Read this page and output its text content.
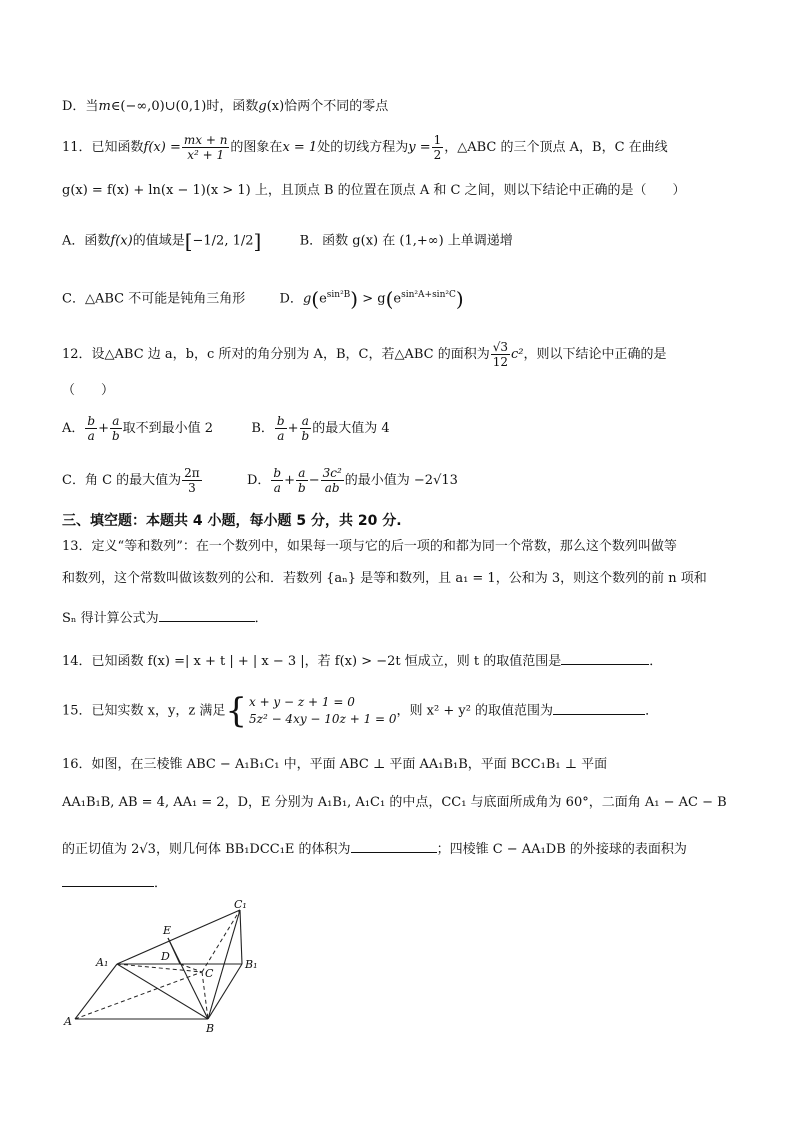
D．当m∈(−∞,0)∪(0,1)时，函数g(x)恰两个不同的零点
11．已知函数$f(x) = \frac{mx + n}{\text{x² + 1}}$ 的图象在x = 1处的切线方程为$y = \frac{1}{2}$ ，△ABC 的三个顶点 A，B，C 在曲线
g(x) = f(x) + ln(x − 1)(x > 1) 上，且顶点 B 的位置在顶点 A 和 C 之间，则以下结论中正确的是（　　）
A．函数f(x)的值域是[−1/2, 1/2]	B．函数 g(x) 在 (1,+∞) 上单调递增
C．△ABC 不可能是钝角三角形	D．$g(e^{sin^2B}) > g(e^{sin^2A+sin^2C})$
12．设△ABC 边 a，b，c 所对的角分别为 A，B，C，若△ABC 的面积为 $\frac{√3}{12} c^2$，则以下结论中正确的是
（　　）
A． $\frac{b}{a} + \frac{a}{b}$ 取不到最小值 2	B． $\frac{b}{a} + \frac{a}{b}$ 的最大值为 4
C．角 C 的最大值为 $\frac{2\pi}{3}$	D． $\frac{b}{a} + \frac{a}{b} - \frac{\text{3c²}}{ab}$ 的最小值为 −2√13
三、填空题：本题共 4 小题，每小题 5 分，共 20 分.
13．定义“等和数列”：在一个数列中，如果每一项与它的后一项的和都为同一个常数，那么这个数列叫做等
和数列，这个常数叫做该数列的公和．若数列 {aₙ} 是等和数列，且 a₁ = 1，公和为 3，则这个数列的前 n 项和
Sₙ 得计算公式为	．
14．已知函数 f(x) =| x + t | + | x − 3 |，若 f(x) > −2t 恒成立，则 t 的取值范围是	．
15．已知实数 x，y，z 满足 { x + y − z + 1 = 0
5z² − 4xy − 10z + 1 = 0
，则 x² + y² 的取值范围为	．
16．如图，在三棱锥 ABC − A₁B₁C₁ 中，平面 ABC ⊥ 平面 AA₁B₁B，平面 BCC₁B₁ ⊥ 平面
AA₁B₁B, AB = 4, AA₁ = 2，D，E 分别为 A₁B₁, A₁C₁ 的中点，CC₁ 与底面所成角为 60°，二面角 A₁ − AC − B
的正切值为 2√3，则几何体 BB₁DCC₁E 的体积为	；四棱锥 C − AA₁DB 的外接球的表面积为
．
C₁
E
A₁	D
C
B₁
A
B
